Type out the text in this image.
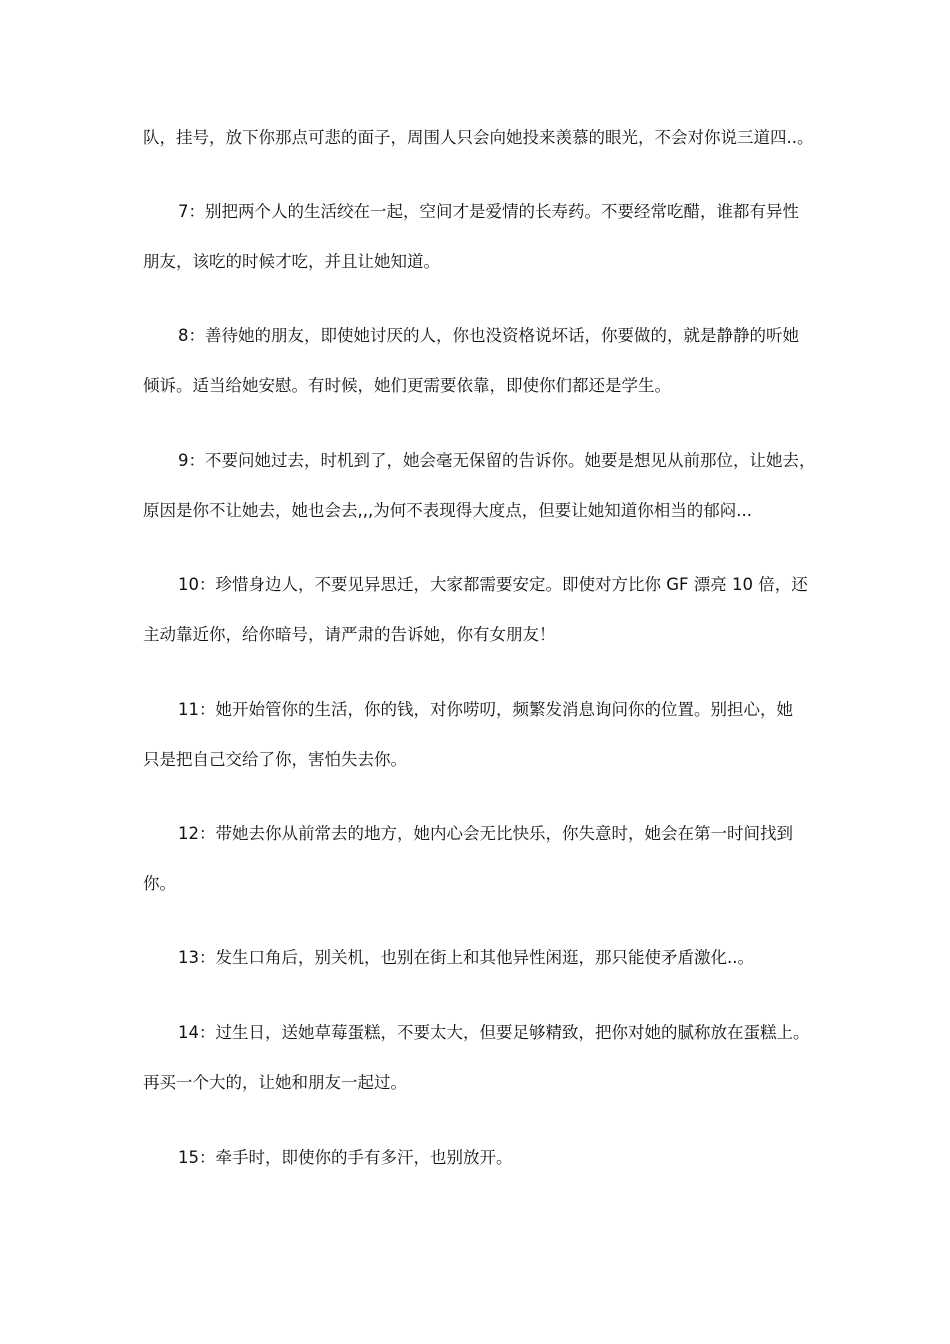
队，挂号，放下你那点可悲的面子，周围人只会向她投来羡慕的眼光，不会对你说三道四..。

7：别把两个人的生活绞在一起，空间才是爱情的长寿药。不要经常吃醋，谁都有异性
朋友，该吃的时候才吃，并且让她知道。

8：善待她的朋友，即使她讨厌的人，你也没资格说坏话，你要做的，就是静静的听她
倾诉。适当给她安慰。有时候，她们更需要依靠，即使你们都还是学生。

9：不要问她过去，时机到了，她会毫无保留的告诉你。她要是想见从前那位，让她去，
原因是你不让她去，她也会去,,,为何不表现得大度点，但要让她知道你相当的郁闷...

10：珍惜身边人，不要见异思迁，大家都需要安定。即使对方比你 GF 漂亮 10 倍，还
主动靠近你，给你暗号，请严肃的告诉她，你有女朋友！

11：她开始管你的生活，你的钱，对你唠叨，频繁发消息询问你的位置。别担心，她
只是把自己交给了你，害怕失去你。

12：带她去你从前常去的地方，她内心会无比快乐，你失意时，她会在第一时间找到
你。

13：发生口角后，别关机，也别在街上和其他异性闲逛，那只能使矛盾激化..。

14：过生日，送她草莓蛋糕，不要太大，但要足够精致，把你对她的腻称放在蛋糕上。
再买一个大的，让她和朋友一起过。

15：牵手时，即使你的手有多汗，也别放开。
